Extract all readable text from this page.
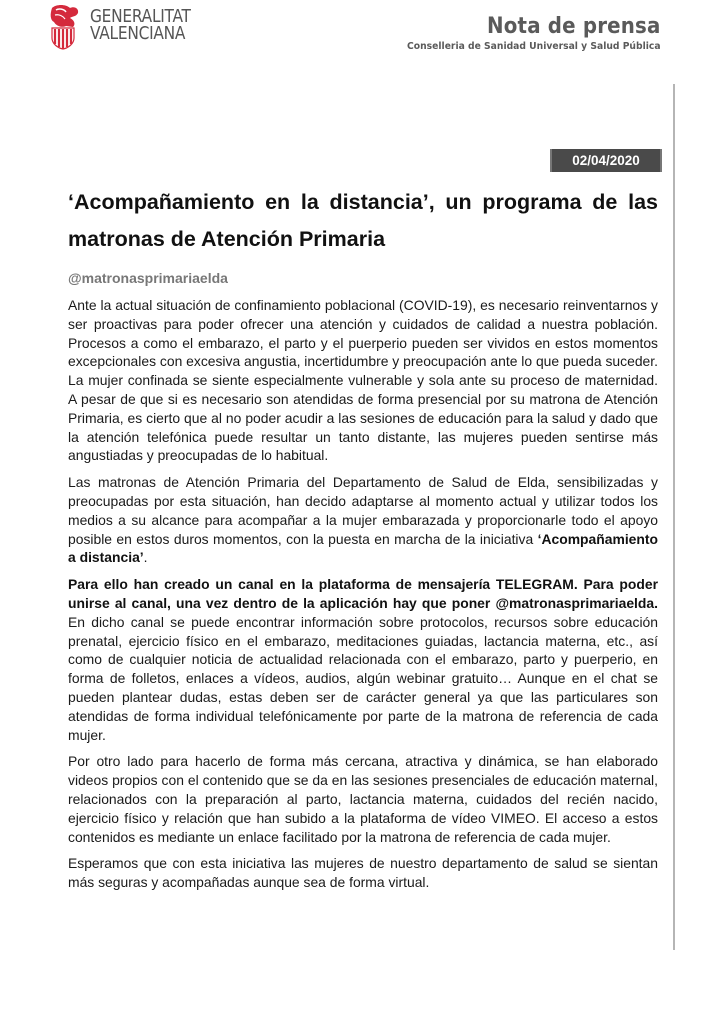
GENERALITAT
VALENCIANA	Nota de prensa
Conselleria de Sanidad Universal y Salud Pública
02/04/2020
‘Acompañamiento en la distancia’, un programa de las matronas de Atención Primaria
@matronasprimariaelda

Ante la actual situación de confinamiento poblacional (COVID-19), es necesario reinventarnos y ser proactivas para poder ofrecer una atención y cuidados de calidad a nuestra población. Procesos a como el embarazo, el parto y el puerperio pueden ser vividos en estos momentos excepcionales con excesiva angustia, incertidumbre y preocupación ante lo que pueda suceder. La mujer confinada se siente especialmente vulnerable y sola ante su proceso de maternidad. A pesar de que si es necesario son atendidas de forma presencial por su matrona de Atención Primaria, es cierto que al no poder acudir a las sesiones de educación para la salud y dado que la atención telefónica puede resultar un tanto distante, las mujeres pueden sentirse más angustiadas y preocupadas de lo habitual.

Las matronas de Atención Primaria del Departamento de Salud de Elda, sensibilizadas y preocupadas por esta situación, han decido adaptarse al momento actual y utilizar todos los medios a su alcance para acompañar a la mujer embarazada y proporcionarle todo el apoyo posible en estos duros momentos, con la puesta en marcha de la iniciativa ‘Acompañamiento a distancia’.

Para ello han creado un canal en la plataforma de mensajería TELEGRAM. Para poder unirse al canal, una vez dentro de la aplicación hay que poner @matronasprimariaelda. En dicho canal se puede encontrar información sobre protocolos, recursos sobre educación prenatal, ejercicio físico en el embarazo, meditaciones guiadas, lactancia materna, etc., así como de cualquier noticia de actualidad relacionada con el embarazo, parto y puerperio, en forma de folletos, enlaces a vídeos, audios, algún webinar gratuito… Aunque en el chat se pueden plantear dudas, estas deben ser de carácter general ya que las particulares son atendidas de forma individual telefónicamente por parte de la matrona de referencia de cada mujer.

Por otro lado para hacerlo de forma más cercana, atractiva y dinámica, se han elaborado videos propios con el contenido que se da en las sesiones presenciales de educación maternal, relacionados con la preparación al parto, lactancia materna, cuidados del recién nacido, ejercicio físico y relación que han subido a la plataforma de vídeo VIMEO. El acceso a estos contenidos es mediante un enlace facilitado por la matrona de referencia de cada mujer.

Esperamos que con esta iniciativa las mujeres de nuestro departamento de salud se sientan más seguras y acompañadas aunque sea de forma virtual.
